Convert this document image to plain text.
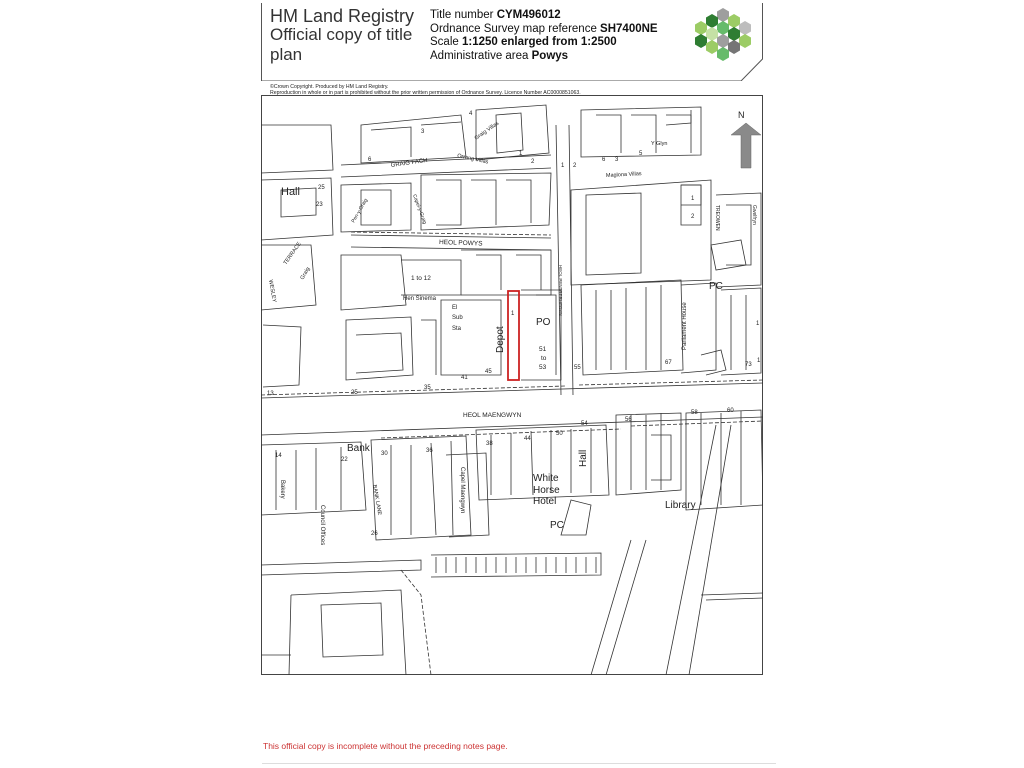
HM Land Registry
Official copy of title plan
Title number CYM496012
Ordnance Survey map reference SH7400NE
Scale 1:1250 enlarged from 1:2500
Administrative area Powys
©Crown Copyright. Produced by HM Land Registry.
Reproduction in whole or in part is prohibited without the prior written permission of Ordnance Survey. Licence Number AC0000851063.
N
HEOL MAENGWYN
HEOL POWYS
GRAIG FACH
BANK LANE
TERRACE
WESLEY
Graig
Graig Villas
Orrang Villas
Maglona Villas
TREOWEN
Y Glyn
Gwelfryn
Capel-y-Graig
Pen-y-Graig
HEOL PENTRERHEDYN
Hall
Hen Sinema
El
Sub
Sta	Depot
PO
PC
Parliament House
Bank
Bakery
Council Offices
Capel Maengwyn	White
Horse
Hotel
Hall
PC
Library
1 to 12
51
to
53
25
23
6
3
4
1
2
1 2
5
3
6
1
2
1
1
13	25
35
41
45
55
67	73
1
14
22
30	36
38
44
50
54
56
58	60
26
This official copy is incomplete without the preceding notes page.
